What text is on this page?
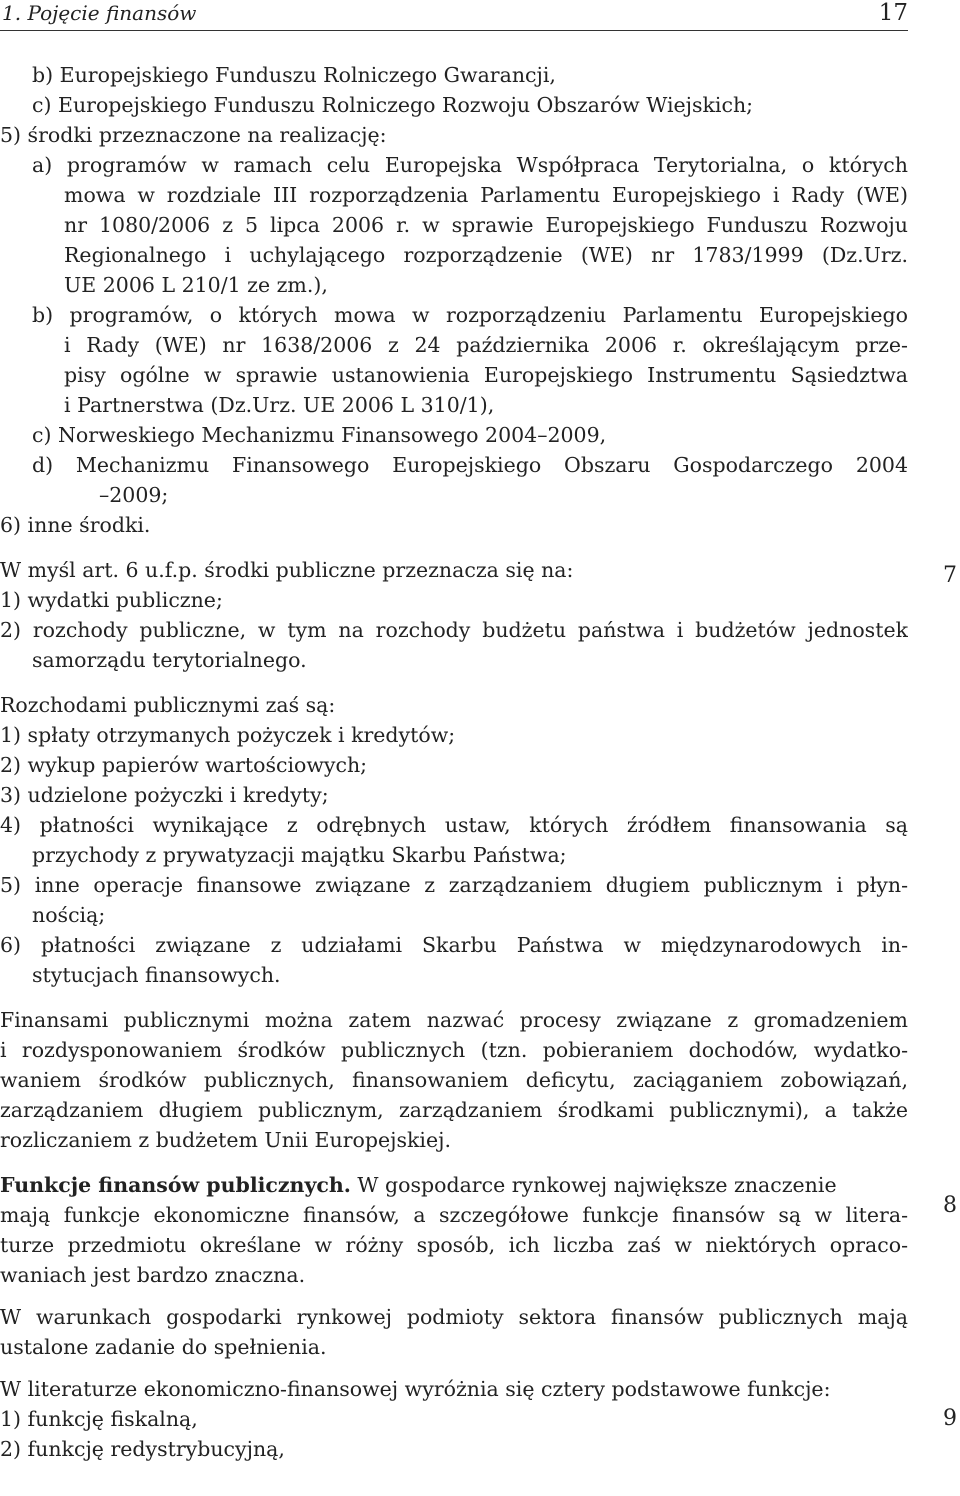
1. Pojęcie finansów	17
7
8
9
b) Europejskiego Funduszu Rolniczego Gwarancji,
c) Europejskiego Funduszu Rolniczego Rozwoju Obszarów Wiejskich;
5) środki przeznaczone na realizację:
a) programów w ramach celu Europejska Współpraca Terytorialna, o których
mowa w rozdziale III rozporządzenia Parlamentu Europejskiego i Rady (WE)
nr 1080/2006 z 5 lipca 2006 r. w sprawie Europejskiego Funduszu Rozwoju
Regionalnego i uchylającego rozporządzenie (WE) nr 1783/1999 (Dz.Urz.
UE 2006 L 210/1 ze zm.),
b) programów, o których mowa w rozporządzeniu Parlamentu Europejskiego
i Rady (WE) nr 1638/2006 z 24 października 2006 r. określającym prze-
pisy ogólne w sprawie ustanowienia Europejskiego Instrumentu Sąsiedztwa
i Partnerstwa (Dz.Urz. UE 2006 L 310/1),
c) Norweskiego Mechanizmu Finansowego 2004–2009,
d) Mechanizmu Finansowego Europejskiego Obszaru Gospodarczego 2004
–2009;
6) inne środki.
W myśl art. 6 u.f.p. środki publiczne przeznacza się na:
1) wydatki publiczne;
2) rozchody publiczne, w tym na rozchody budżetu państwa i budżetów jednostek
samorządu terytorialnego.
Rozchodami publicznymi zaś są:
1) spłaty otrzymanych pożyczek i kredytów;
2) wykup papierów wartościowych;
3) udzielone pożyczki i kredyty;
4) płatności wynikające z odrębnych ustaw, których źródłem finansowania są
przychody z prywatyzacji majątku Skarbu Państwa;
5) inne operacje finansowe związane z zarządzaniem długiem publicznym i płyn-
nością;
6) płatności związane z udziałami Skarbu Państwa w międzynarodowych in-
stytucjach finansowych.
Finansami publicznymi można zatem nazwać procesy związane z gromadzeniem
i rozdysponowaniem środków publicznych (tzn. pobieraniem dochodów, wydatko-
waniem środków publicznych, finansowaniem deficytu, zaciąganiem zobowiązań,
zarządzaniem długiem publicznym, zarządzaniem środkami publicznymi), a także
rozliczaniem z budżetem Unii Europejskiej.
Funkcje finansów publicznych. W gospodarce rynkowej największe znaczenie
mają funkcje ekonomiczne finansów, a szczegółowe funkcje finansów są w litera-
turze przedmiotu określane w różny sposób, ich liczba zaś w niektórych opraco-
waniach jest bardzo znaczna.
W warunkach gospodarki rynkowej podmioty sektora finansów publicznych mają
ustalone zadanie do spełnienia.
W literaturze ekonomiczno-finansowej wyróżnia się cztery podstawowe funkcje:
1) funkcję fiskalną,
2) funkcję redystrybucyjną,
